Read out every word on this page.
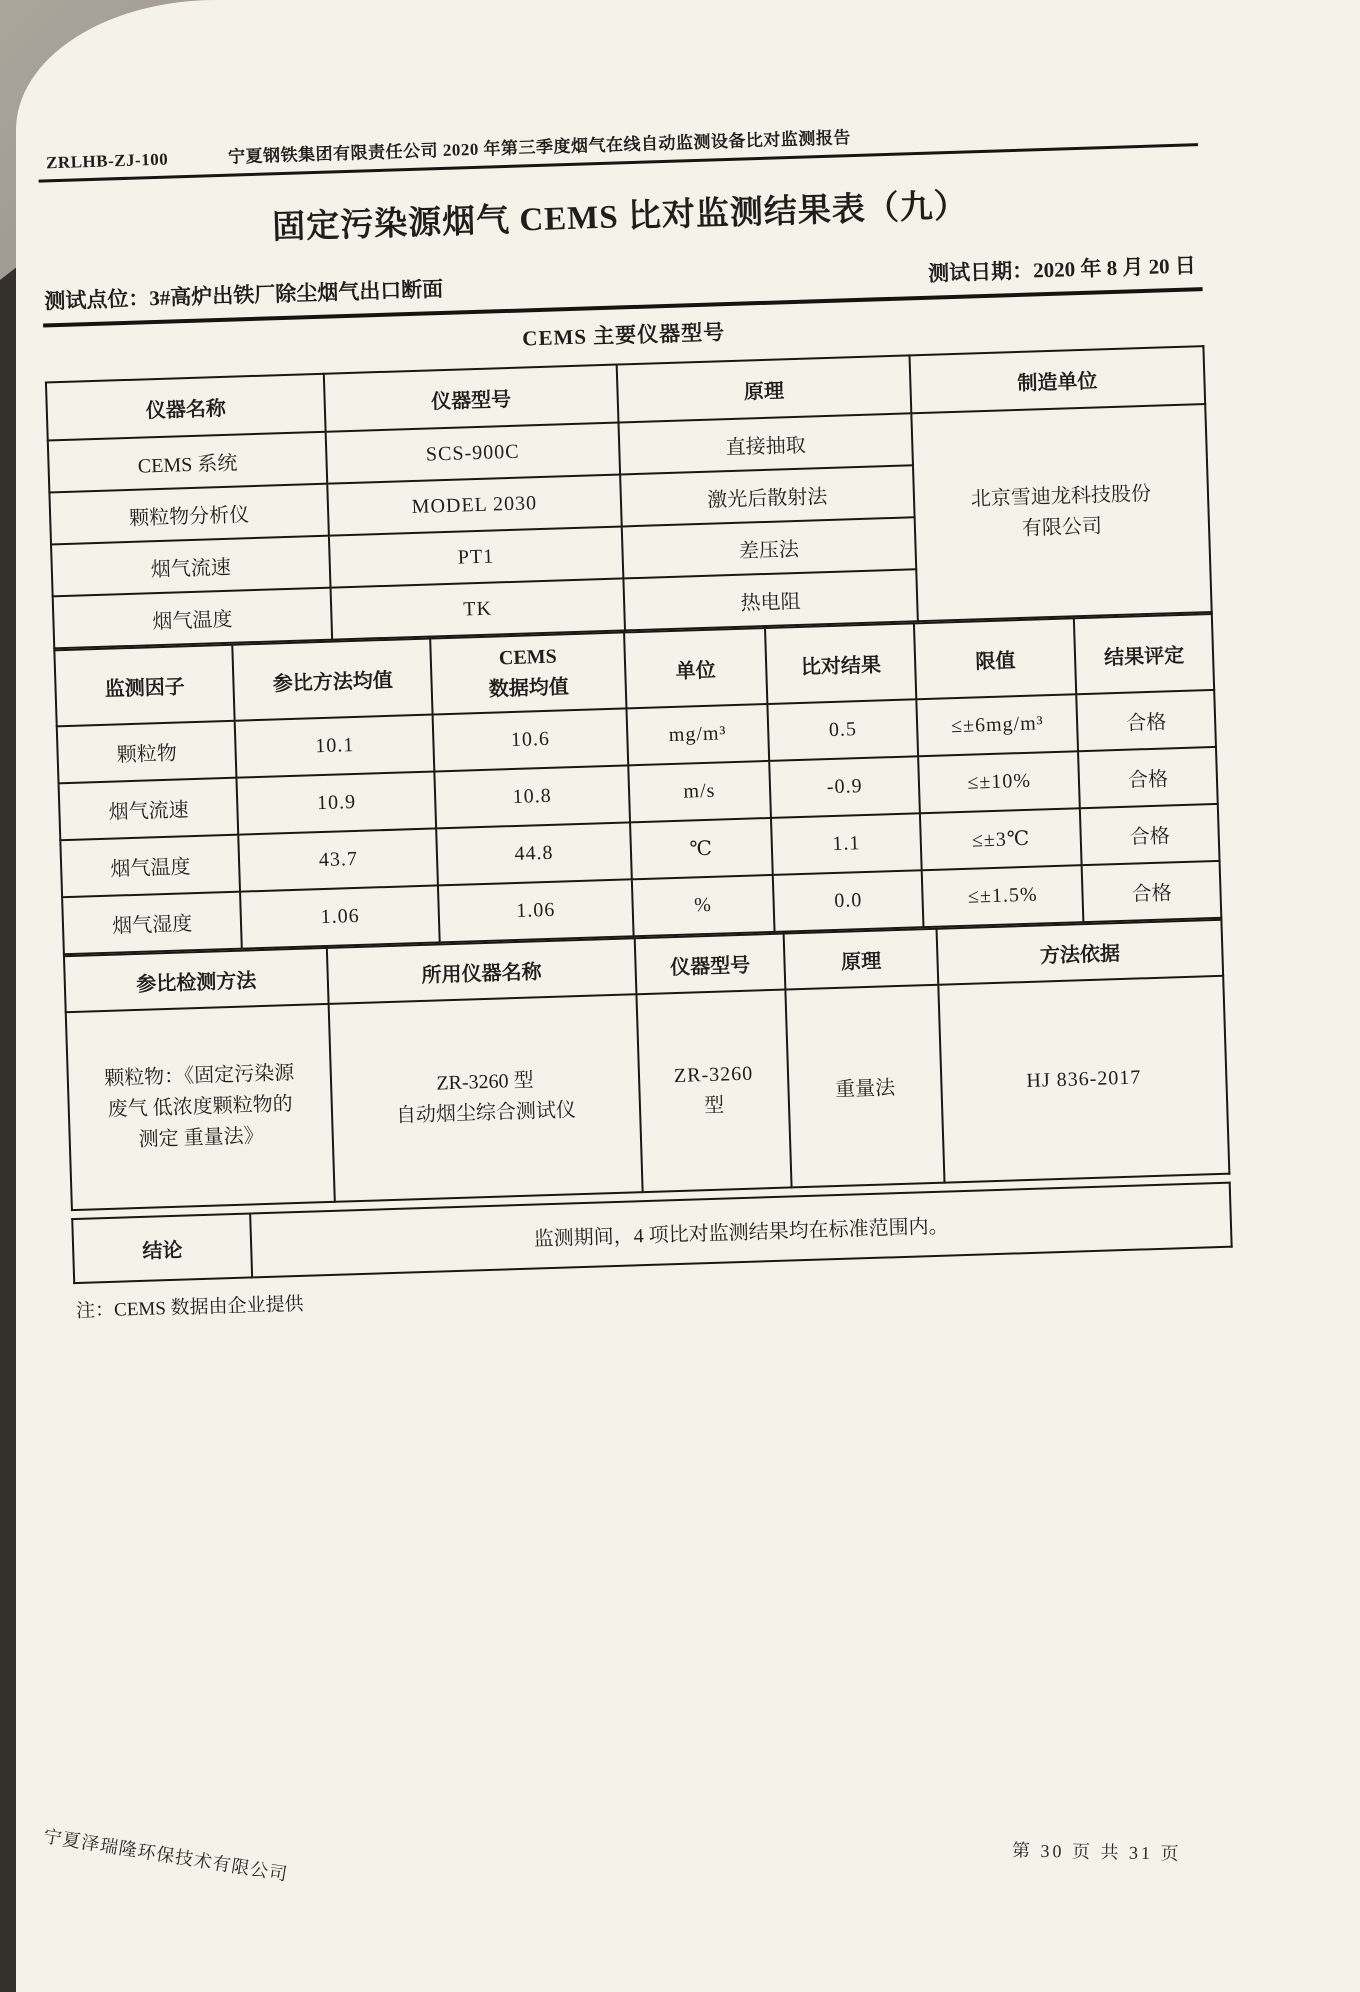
ZRLHB-ZJ-100	宁夏钢铁集团有限责任公司 2020 年第三季度烟气在线自动监测设备比对监测报告
固定污染源烟气 CEMS 比对监测结果表（九）
测试点位：3#高炉出铁厂除尘烟气出口断面
测试日期：2020 年 8 月 20 日
CEMS 主要仪器型号
仪器名称	仪器型号	原理	制造单位
CEMS 系统	SCS-900C	直接抽取	北京雪迪龙科技股份
有限公司
颗粒物分析仪	MODEL 2030	激光后散射法	
烟气流速	PT1	差压法	
烟气温度	TK	热电阻	
监测因子	参比方法均值	CEMS
数据均值	单位	比对结果	限值	结果评定
颗粒物	10.1	10.6	mg/m³	0.5	≤±6mg/m³	合格
烟气流速	10.9	10.8	m/s	-0.9	≤±10%	合格
烟气温度	43.7	44.8	℃	1.1	≤±3℃	合格
烟气湿度	1.06	1.06	%	0.0	≤±1.5%	合格
参比检测方法	所用仪器名称	仪器型号	原理	方法依据
颗粒物：《固定污染源
废气 低浓度颗粒物的
测定 重量法》	ZR-3260 型
自动烟尘综合测试仪	ZR-3260
型	重量法	HJ 836-2017
结论	监测期间，4 项比对监测结果均在标准范围内。
注：CEMS 数据由企业提供
宁夏泽瑞隆环保技术有限公司	第 30 页 共 31 页
